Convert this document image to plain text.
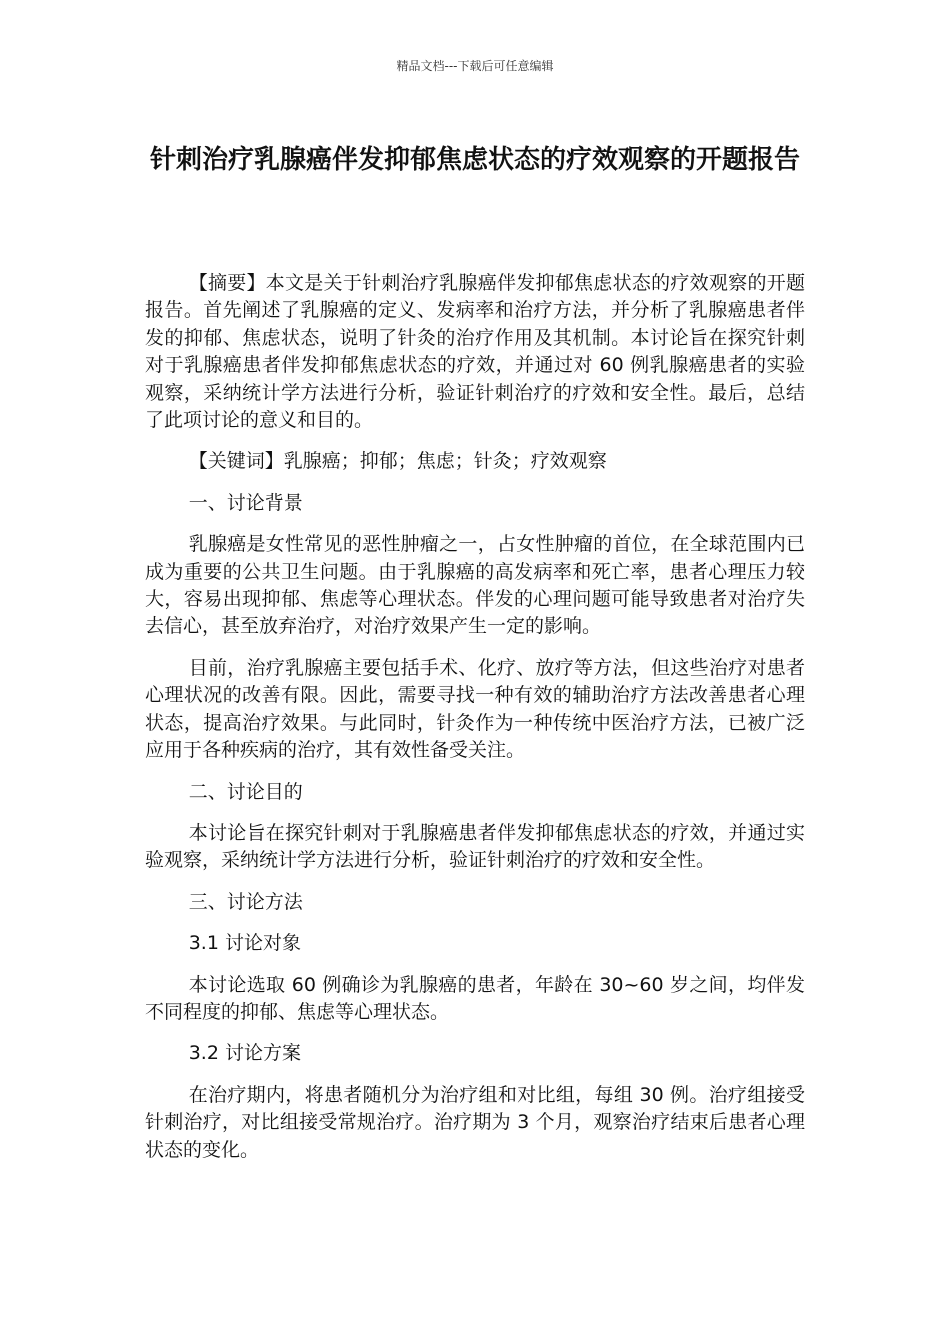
精品文档---下载后可任意编辑
针刺治疗乳腺癌伴发抑郁焦虑状态的疗效观察的开题报告

【摘要】本文是关于针刺治疗乳腺癌伴发抑郁焦虑状态的疗效观察的开题报告。首先阐述了乳腺癌的定义、发病率和治疗方法，并分析了乳腺癌患者伴发的抑郁、焦虑状态，说明了针灸的治疗作用及其机制。本讨论旨在探究针刺对于乳腺癌患者伴发抑郁焦虑状态的疗效，并通过对 60 例乳腺癌患者的实验观察，采纳统计学方法进行分析，验证针刺治疗的疗效和安全性。最后，总结了此项讨论的意义和目的。

【关键词】乳腺癌；抑郁；焦虑；针灸；疗效观察

一、讨论背景

乳腺癌是女性常见的恶性肿瘤之一，占女性肿瘤的首位，在全球范围内已成为重要的公共卫生问题。由于乳腺癌的高发病率和死亡率，患者心理压力较大，容易出现抑郁、焦虑等心理状态。伴发的心理问题可能导致患者对治疗失去信心，甚至放弃治疗，对治疗效果产生一定的影响。

目前，治疗乳腺癌主要包括手术、化疗、放疗等方法，但这些治疗对患者心理状况的改善有限。因此，需要寻找一种有效的辅助治疗方法改善患者心理状态，提高治疗效果。与此同时，针灸作为一种传统中医治疗方法，已被广泛应用于各种疾病的治疗，其有效性备受关注。

二、讨论目的

本讨论旨在探究针刺对于乳腺癌患者伴发抑郁焦虑状态的疗效，并通过实验观察，采纳统计学方法进行分析，验证针刺治疗的疗效和安全性。

三、讨论方法

3.1 讨论对象

本讨论选取 60 例确诊为乳腺癌的患者，年龄在 30~60 岁之间，均伴发不同程度的抑郁、焦虑等心理状态。

3.2 讨论方案

在治疗期内，将患者随机分为治疗组和对比组，每组 30 例。治疗组接受针刺治疗，对比组接受常规治疗。治疗期为 3 个月，观察治疗结束后患者心理状态的变化。
